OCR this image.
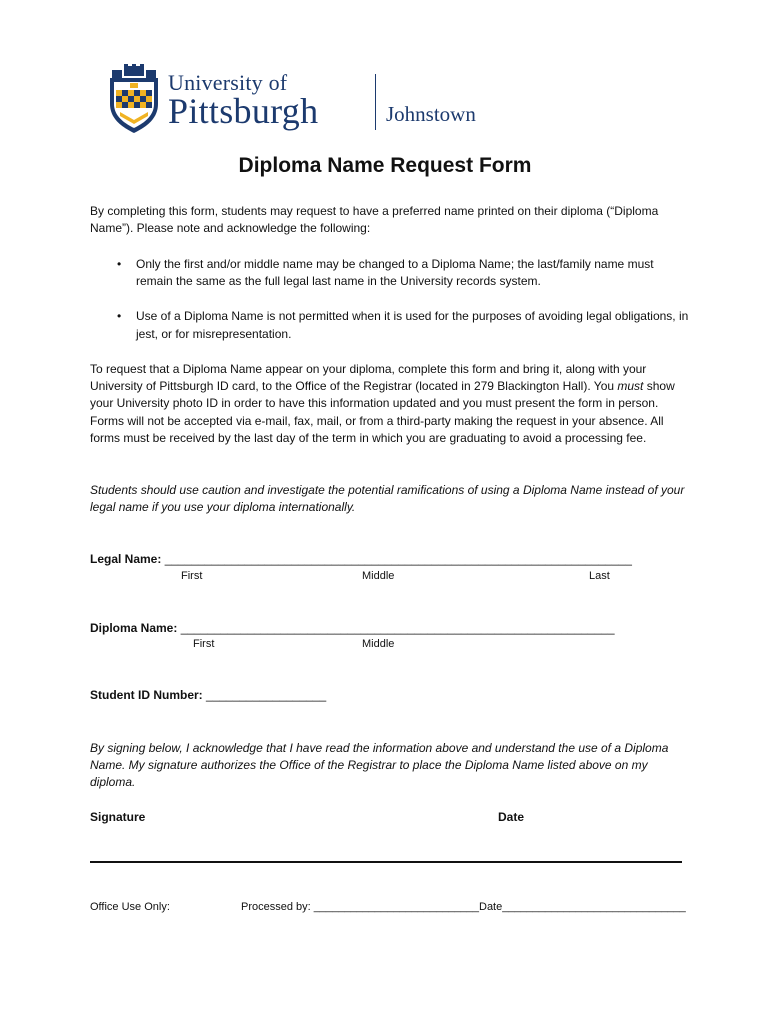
University of
Pittsburgh	Johnstown
Diploma Name Request Form

By completing this form, students may request to have a preferred name printed on their diploma (“Diploma Name”). Please note and acknowledge the following:

• Only the first and/or middle name may be changed to a Diploma Name; the last/family name must remain the same as the full legal last name in the University records system.
• Use of a Diploma Name is not permitted when it is used for the purposes of avoiding legal obligations, in jest, or for misrepresentation.

To request that a Diploma Name appear on your diploma, complete this form and bring it, along with your University of Pittsburgh ID card, to the Office of the Registrar (located in 279 Blackington Hall). You must show your University photo ID in order to have this information updated and you must present the form in person. Forms will not be accepted via e-mail, fax, mail, or from a third-party making the request in your absence. All forms must be received by the last day of the term in which you are graduating to avoid a processing fee.

Students should use caution and investigate the potential ramifications of using a Diploma Name instead of your legal name if you use your diploma internationally.

Legal Name: ______________________________________________________________________
First	Middle	Last
Diploma Name: _________________________________________________________________
First	Middle
Student ID Number: __________________

By signing below, I acknowledge that I have read the information above and understand the use of a Diploma Name. My signature authorizes the Office of the Registrar to place the Diploma Name listed above on my diploma.

Signature	Date
Office Use Only:	Processed by: ___________________________ Date______________________________
